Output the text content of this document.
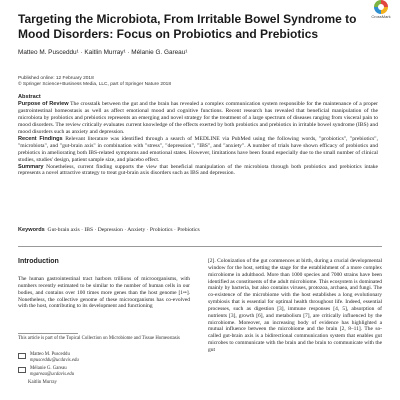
CrossMark
Targeting the Microbiota, From Irritable Bowel Syndrome to Mood Disorders: Focus on Probiotics and Prebiotics
Matteo M. Pusceddu¹ · Kaitlin Murray¹ · Mélanie G. Gareau¹
Published online: 12 February 2018
© Springer Science+Business Media, LLC, part of Springer Nature 2018
Abstract

Purpose of Review The crosstalk between the gut and the brain has revealed a complex communication system responsible for the maintenance of a proper gastrointestinal homeostasis as well as affect emotional mood and cognitive functions. Recent research has revealed that beneficial manipulation of the microbiota by probiotics and prebiotics represents an emerging and novel strategy for the treatment of a large spectrum of diseases ranging from visceral pain to mood disorders. The review critically evaluates current knowledge of the effects exerted by both probiotics and prebiotics in irritable bowel syndrome (IBS) and mood disorders such as anxiety and depression.

Recent Findings Relevant literature was identified through a search of MEDLINE via PubMed using the following words, "probiotics", "prebiotics", "microbiota", and "gut-brain axis" in combination with "stress", "depression", "IBS", and "anxiety". A number of trials have shown efficacy of probiotics and prebiotics in ameliorating both IBS-related symptoms and emotional states. However, limitations have been found especially due to the small number of clinical studies, studies' design, patient sample size, and placebo effect.

Summary Nonetheless, current finding supports the view that beneficial manipulation of the microbiota through both probiotics and prebiotics intake represents a novel attractive strategy to treat gut-brain axis disorders such as IBS and depression.

Keywords Gut-brain axis · IBS · Depression · Anxiety · Probiotics · Prebiotics
Introduction
The human gastrointestinal tract harbors trillions of microorganisms, with numbers recently estimated to be similar to the number of human cells in our bodies, and contains over 100 times more genes than the host genome [1••]. Nonetheless, the collective genome of these microorganisms has co-evolved with the host, contributing to its development and functioning
This article is part of the Topical Collection on Microbiome and Tissue Homeostasis
Matteo M. Pusceddu
mpusceddu@ucdavis.edu
Mélanie G. Gareau
mgareau@ucdavis.edu
Kaitlin Murray
[2]. Colonization of the gut commences at birth, during a crucial developmental window for the host, setting the stage for the establishment of a more complex microbiome in adulthood. More than 1000 species and 7000 strains have been identified as constituents of the adult microbiome. This ecosystem is dominated mainly by bacteria, but also contains viruses, protozoa, archaea, and fungi. The co-existence of the microbiome with the host establishes a long evolutionary symbiosis that is essential for optimal health throughout life. Indeed, essential processes, such as digestion [3], immune responses [4, 5], absorption of nutrients [3], growth [6], and metabolism [7], are critically influenced by the microbiome. Moreover, an increasing body of evidence has highlighted a mutual influence between the microbiome and the brain [2, 8–11]. The so-called gut-brain axis is a bidirectional communication system that enables gut microbes to communicate with the brain and the brain to communicate with the gut
